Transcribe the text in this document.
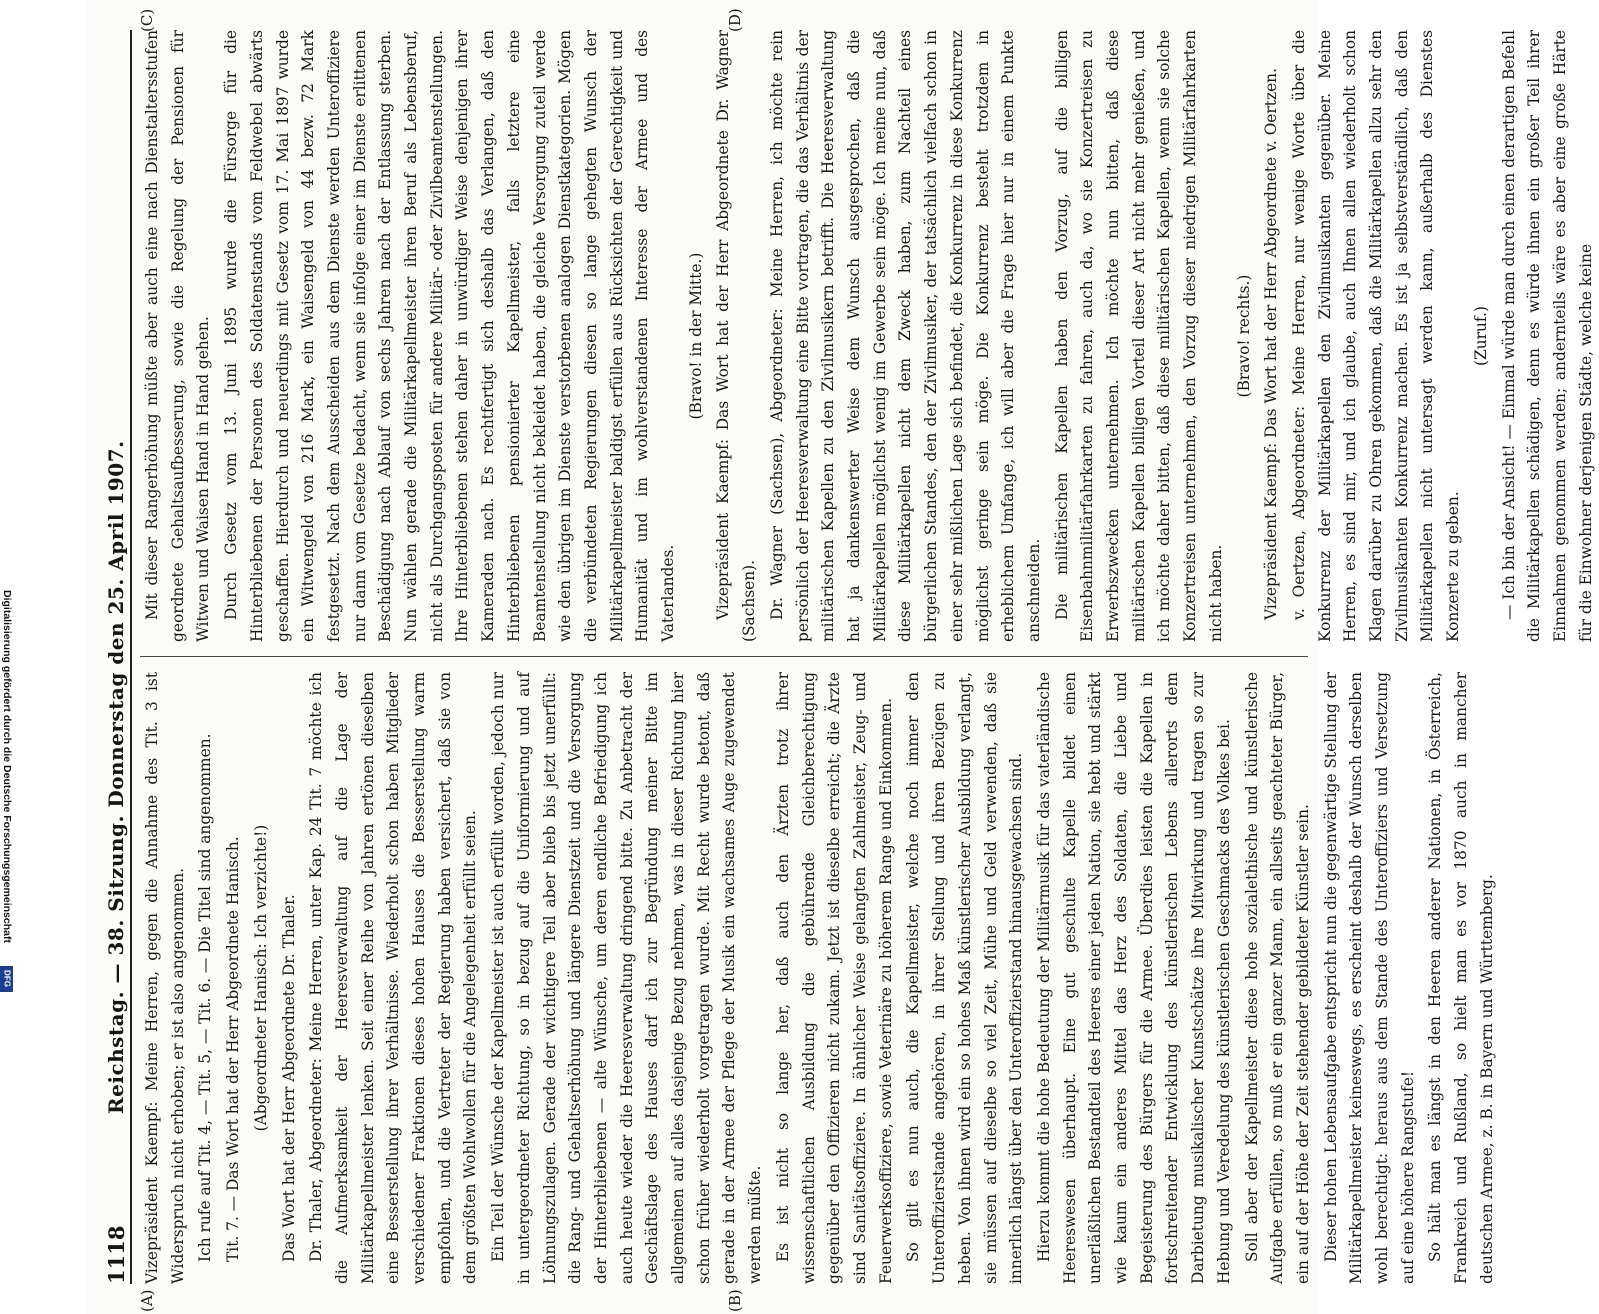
1118
Reichstag. — 38. Sitzung. Donnerstag den 25. April 1907.
(A)	(B)
(C)	(D)

Vizepräsident Kaempf: Meine Herren, gegen die Annahme des Tit. 3 ist Widerspruch nicht erhoben; er ist also angenommen. Ich rufe auf Tit. 4, — Tit. 5, — Tit. 6. — Die Titel sind angenommen. Tit. 7. — Das Wort hat der Herr Abgeordnete Hanisch. (Abgeordneter Hanisch: Ich verzichte!) Das Wort hat der Herr Abgeordnete Dr. Thaler. Dr. Thaler, Abgeordneter: Meine Herren, unter Kap. 24 Tit. 7 möchte ich die Aufmerksamkeit der Heeresverwaltung auf die Lage der Militärkapellmeister lenken. Seit einer Reihe von Jahren ertönen dieselben eine Besserstellung ihrer Verhältnisse. Wiederholt schon haben Mitglieder verschiedener Fraktionen dieses hohen Hauses die Besserstellung warm empfohlen, und die Vertreter der Regierung haben versichert, daß sie von dem größten Wohlwollen für die Angelegenheit erfüllt seien. Ein Teil der Wünsche der Kapellmeister ist auch erfüllt worden, jedoch nur in untergeordneter Richtung, so in bezug auf die Uniformierung und auf Löhnungszulagen. Gerade der wichtigere Teil aber blieb bis jetzt unerfüllt: die Rang- und Gehaltserhöhung und längere Dienstzeit und die Versorgung der Hinterbliebenen — alte Wünsche, um deren endliche Befriedigung ich auch heute wieder die Heeresverwaltung dringend bitte. Zu Anbetracht der Geschäftslage des Hauses darf ich zur Begründung meiner Bitte im allgemeinen auf alles dasjenige Bezug nehmen, was in dieser Richtung hier schon früher wiederholt vorgetragen wurde. Mit Recht wurde betont, daß gerade in der Armee der Pflege der Musik ein wachsames Auge zugewendet werden müßte. Es ist nicht so lange her, daß auch den Ärzten trotz ihrer wissenschaftlichen Ausbildung die gebührende Gleichberechtigung gegenüber den Offizieren nicht zukam. Jetzt ist dieselbe erreicht; die Ärzte sind Sanitätsoffiziere. In ähnlicher Weise gelangten Zahlmeister, Zeug- und Feuerwerksoffiziere, sowie Veterinäre zu höherem Range und Einkommen. So gilt es nun auch, die Kapellmeister, welche noch immer den Unteroffizierstande angehören, in ihrer Stellung und ihren Bezügen zu heben. Von ihnen wird ein so hohes Maß künstlerischer Ausbildung verlangt, sie müssen auf dieselbe so viel Zeit, Mühe und Geld verwenden, daß sie innerlich längst über den Unteroffizierstand hinausgewachsen sind. Hierzu kommt die hohe Bedeutung der Militärmusik für das vaterländische Heereswesen überhaupt. Eine gut geschulte Kapelle bildet einen unerläßlichen Bestandteil des Heeres einer jeden Nation, sie hebt und stärkt wie kaum ein anderes Mittel das Herz des Soldaten, die Liebe und Begeisterung des Bürgers für die Armee. Überdies leisten die Kapellen in fortschreitender Entwicklung des künstlerischen Lebens allerorts dem Darbietung musikalischer Kunstschätze ihre Mitwirkung und tragen so zur Hebung und Veredelung des künstlerischen Geschmacks des Volkes bei. Soll aber der Kapellmeister diese hohe sozialethische und künstlerische Aufgabe erfüllen, so muß er ein ganzer Mann, ein allseits geachteter Bürger, ein auf der Höhe der Zeit stehender gebildeter Künstler sein. Dieser hohen Lebensaufgabe entspricht nun die gegenwärtige Stellung der Militärkapellmeister keineswegs, es erscheint deshalb der Wunsch derselben wohl berechtigt: heraus aus dem Stande des Unteroffiziers und Versetzung auf eine höhere Rangstufe! So hält man es längst in den Heeren anderer Nationen, in Österreich, Frankreich und Rußland, so hielt man es vor 1870 auch in mancher deutschen Armee, z. B. in Bayern und Württemberg.

Mit dieser Rangerhöhung müßte aber auch eine nach Dienstaltersstufen geordnete Gehaltsaufbesserung, sowie die Regelung der Pensionen für Witwen und Waisen Hand in Hand gehen. Durch Gesetz vom 13. Juni 1895 wurde die Fürsorge für die Hinterbliebenen der Personen des Soldatenstands vom Feldwebel abwärts geschaffen. Hierdurch und neuerdings mit Gesetz vom 17. Mai 1897 wurde ein Witwengeld von 216 Mark, ein Waisengeld von 44 bezw. 72 Mark festgesetzt. Nach dem Ausscheiden aus dem Dienste werden Unteroffiziere nur dann vom Gesetze bedacht, wenn sie infolge einer im Dienste erlittenen Beschädigung nach Ablauf von sechs Jahren nach der Entlassung sterben. Nun wählen gerade die Militärkapellmeister ihren Beruf als Lebensberuf, nicht als Durchgangsposten für andere Militär- oder Zivilbeamtenstellungen. Ihre Hinterbliebenen stehen daher in unwürdiger Weise denjenigen ihrer Kameraden nach. Es rechtfertigt sich deshalb das Verlangen, daß den Hinterbliebenen pensionierter Kapellmeister, falls letztere eine Beamtenstellung nicht bekleidet haben, die gleiche Versorgung zuteil werde wie den übrigen im Dienste verstorbenen analogen Dienstkategorien. Mögen die verbündeten Regierungen diesen so lange gehegten Wunsch der Militärkapellmeister baldigst erfüllen aus Rücksichten der Gerechtigkeit und Humanität und im wohlverstandenen Interesse der Armee und des Vaterlandes.

(Bravo! in der Mitte.) Vizepräsident Kaempf: Das Wort hat der Herr Abgeordnete Dr. Wagner (Sachsen). Dr. Wagner (Sachsen), Abgeordneter: Meine Herren, ich möchte rein persönlich der Heeresverwaltung eine Bitte vortragen, die das Verhältnis der militärischen Kapellen zu den Zivilmusikern betrifft. Die Heeresverwaltung hat ja dankenswerter Weise dem Wunsch ausgesprochen, daß die Militärkapellen möglichst wenig im Gewerbe sein möge. Ich meine nun, daß diese Militärkapellen nicht dem Zweck haben, zum Nachteil eines bürgerlichen Standes, den der Zivilmusiker, der tatsächlich vielfach schon in einer sehr mißlichen Lage sich befindet, die Konkurrenz in diese Konkurrenz möglichst geringe sein möge. Die Konkurrenz besteht trotzdem in erheblichem Umfange, ich will aber die Frage hier nur in einem Punkte anschneiden. Die militärischen Kapellen haben den Vorzug, auf die billigen Eisenbahnmilitärfahrkarten zu fahren, auch da, wo sie Konzertreisen zu Erwerbszwecken unternehmen. Ich möchte nun bitten, daß diese militärischen Kapellen billigen Vorteil dieser Art nicht mehr genießen, und ich möchte daher bitten, daß diese militärischen Kapellen, wenn sie solche Konzertreisen unternehmen, den Vorzug dieser niedrigen Militärfahrkarten nicht haben.

(Bravo! rechts.) Vizepräsident Kaempf: Das Wort hat der Herr Abgeordnete v. Oertzen. v. Oertzen, Abgeordneter: Meine Herren, nur wenige Worte über die Konkurrenz der Militärkapellen den Zivilmusikanten gegenüber. Meine Herren, es sind mir, und ich glaube, auch Ihnen allen wiederholt schon Klagen darüber zu Ohren gekommen, daß die Militärkapellen allzu sehr den Zivilmusikanten Konkurrenz machen. Es ist ja selbstverständlich, daß den Militärkapellen nicht untersagt werden kann, außerhalb des Dienstes Konzerte zu geben.

(Zuruf.) — Ich bin der Ansicht! — Einmal würde man durch einen derartigen Befehl die Militärkapellen schädigen, denn es würde ihnen ein großer Teil ihrer Einnahmen genommen werden; andernteils wäre es aber eine große Härte für die Einwohner derjenigen Städte, welche keine

Digitalisierung gefördert durch die Deutsche Forschungsgemeinschaft
DFG
